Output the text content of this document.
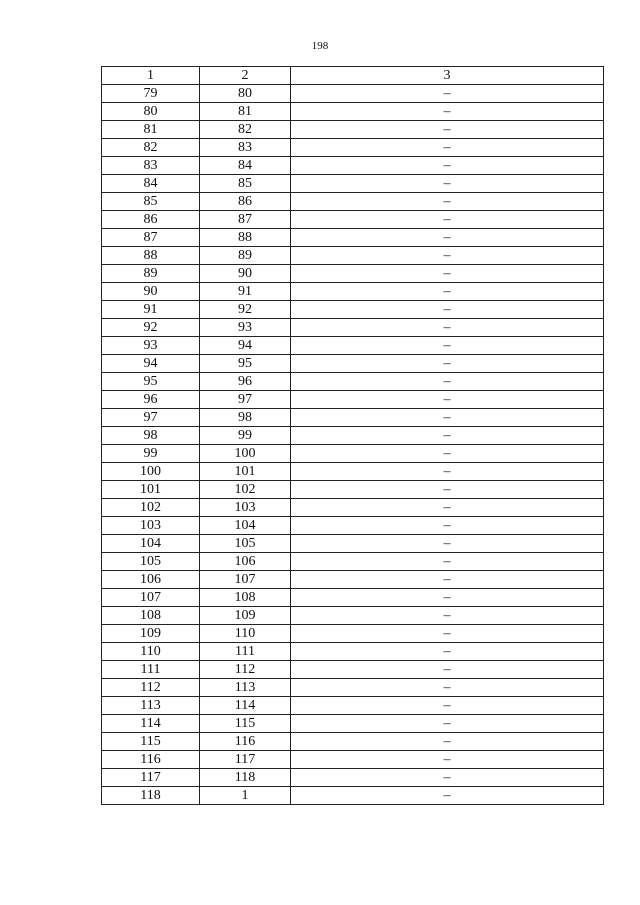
198
1	2	3
79	80	–
80	81	–
81	82	–
82	83	–
83	84	–
84	85	–
85	86	–
86	87	–
87	88	–
88	89	–
89	90	–
90	91	–
91	92	–
92	93	–
93	94	–
94	95	–
95	96	–
96	97	–
97	98	–
98	99	–
99	100	–
100	101	–
101	102	–
102	103	–
103	104	–
104	105	–
105	106	–
106	107	–
107	108	–
108	109	–
109	110	–
110	111	–
111	112	–
112	113	–
113	114	–
114	115	–
115	116	–
116	117	–
117	118	–
118	1	–
